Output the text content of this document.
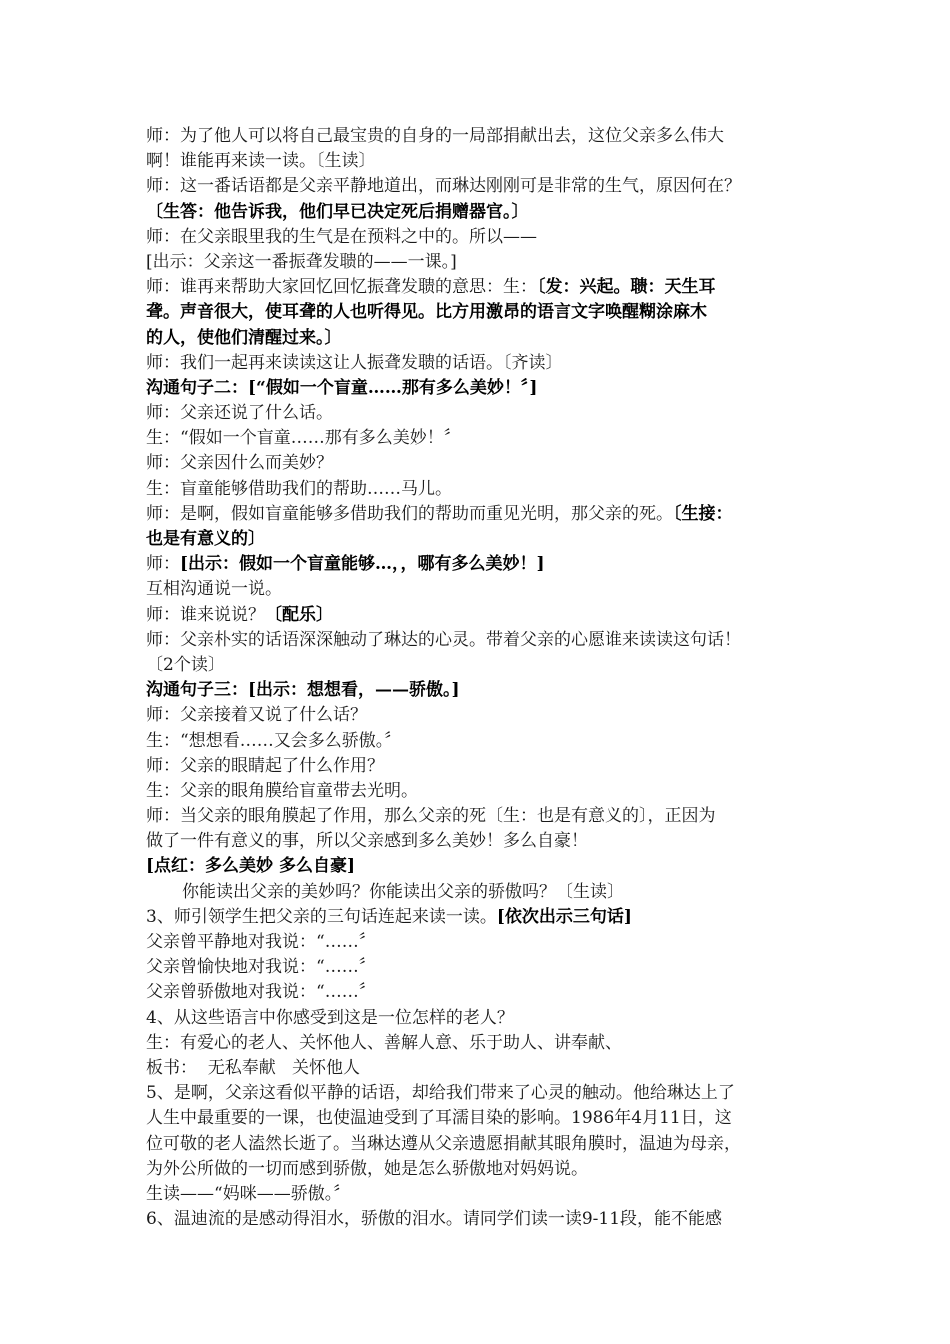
师：为了他人可以将自己最宝贵的自身的一局部捐献出去，这位父亲多么伟大
啊！谁能再来读一读。〔生读〕
师：这一番话语都是父亲平静地道出，而琳达刚刚可是非常的生气，原因何在？
〔生答：他告诉我，他们早已决定死后捐赠器官。〕
师：在父亲眼里我的生气是在预料之中的。所以——
[出示：父亲这一番振聋发聩的——一课。]
师：谁再来帮助大家回忆回忆振聋发聩的意思：生：〔发：兴起。聩：天生耳
聋。声音很大，使耳聋的人也听得见。比方用激昂的语言文字唤醒糊涂麻木
的人，使他们清醒过来。〕
师：我们一起再来读读这让人振聋发聩的话语。〔齐读〕
沟通句子二：[“假如一个盲童……那有多么美妙！〞]
师：父亲还说了什么话。
生：“假如一个盲童……那有多么美妙！〞
师：父亲因什么而美妙？
生：盲童能够借助我们的帮助……马儿。
师：是啊，假如盲童能够多借助我们的帮助而重见光明，那父亲的死。〔生接：
也是有意义的〕
师：[出示：假如一个盲童能够…，，哪有多么美妙！]
互相沟通说一说。
师：谁来说说？〔配乐〕
师：父亲朴实的话语深深触动了琳达的心灵。带着父亲的心愿谁来读读这句话！
〔2个读〕
沟通句子三：[出示：想想看，——骄傲。]
师：父亲接着又说了什么话？
生：“想想看……又会多么骄傲。〞
师：父亲的眼睛起了什么作用？
生：父亲的眼角膜给盲童带去光明。
师：当父亲的眼角膜起了作用，那么父亲的死〔生：也是有意义的〕，正因为
做了一件有意义的事，所以父亲感到多么美妙！多么自豪！
[点红：多么美妙 多么自豪]
你能读出父亲的美妙吗？你能读出父亲的骄傲吗？〔生读〕
3、师引领学生把父亲的三句话连起来读一读。[依次出示三句话]
父亲曾平静地对我说：“……〞
父亲曾愉快地对我说：“……〞
父亲曾骄傲地对我说：“……〞
4、从这些语言中你感受到这是一位怎样的老人？
生：有爱心的老人、关怀他人、善解人意、乐于助人、讲奉献、
板书：  无私奉献   关怀他人
5、是啊，父亲这看似平静的话语，却给我们带来了心灵的触动。他给琳达上了
人生中最重要的一课，也使温迪受到了耳濡目染的影响。1986年4月11日，这
位可敬的老人溘然长逝了。当琳达遵从父亲遗愿捐献其眼角膜时，温迪为母亲，
为外公所做的一切而感到骄傲，她是怎么骄傲地对妈妈说。
生读——“妈咪——骄傲。〞
6、温迪流的是感动得泪水，骄傲的泪水。请同学们读一读9-11段，能不能感
